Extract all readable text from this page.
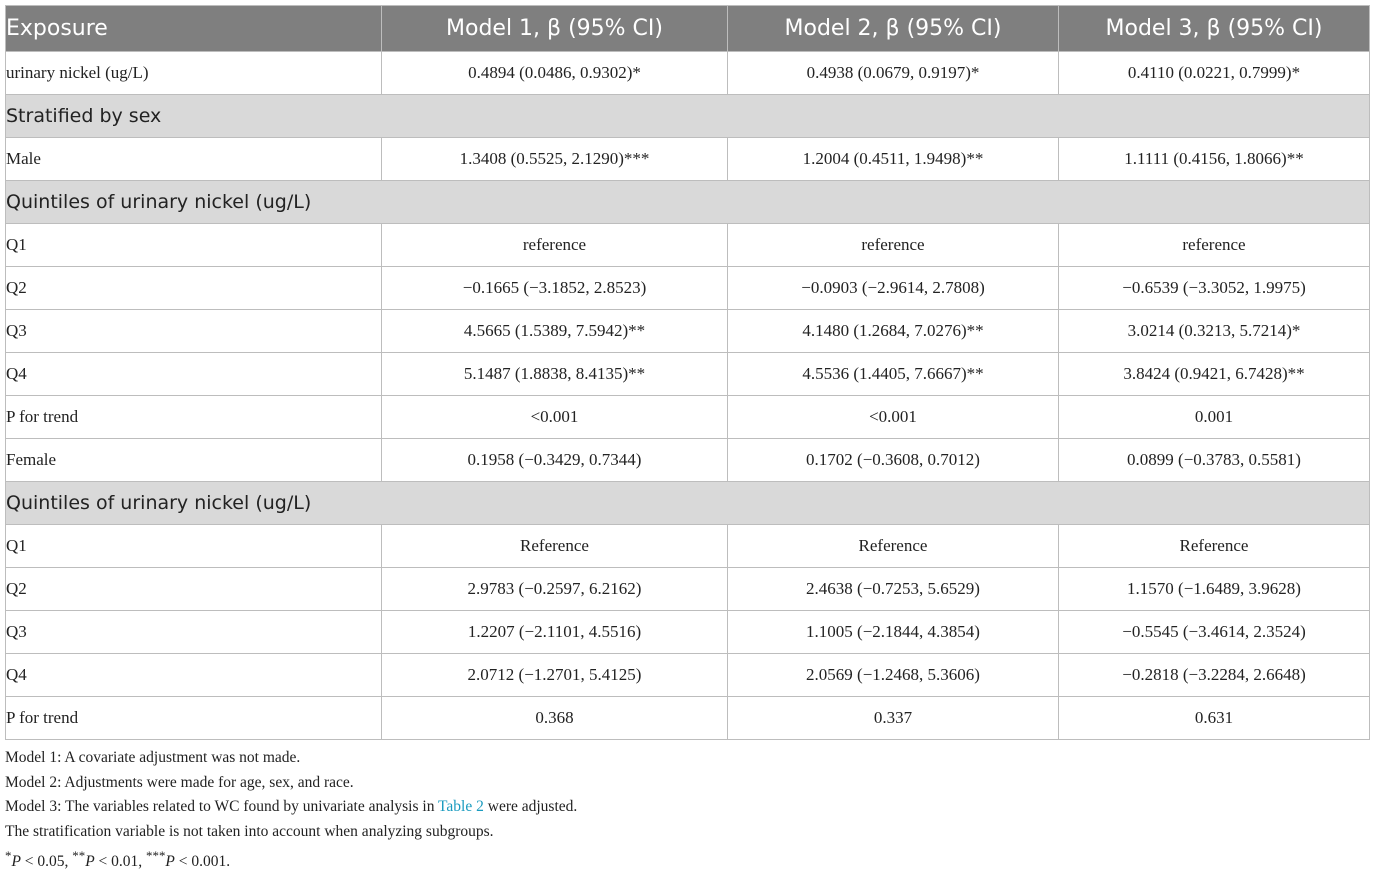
Exposure	Model 1, β (95% CI)	Model 2, β (95% CI)	Model 3, β (95% CI)
urinary nickel (ug/L)	0.4894 (0.0486, 0.9302)*	0.4938 (0.0679, 0.9197)*	0.4110 (0.0221, 0.7999)*
Stratified by sex			
Male	1.3408 (0.5525, 2.1290)***	1.2004 (0.4511, 1.9498)**	1.1111 (0.4156, 1.8066)**
Quintiles of urinary nickel (ug/L)			
Q1	reference	reference	reference
Q2	−0.1665 (−3.1852, 2.8523)	−0.0903 (−2.9614, 2.7808)	−0.6539 (−3.3052, 1.9975)
Q3	4.5665 (1.5389, 7.5942)**	4.1480 (1.2684, 7.0276)**	3.0214 (0.3213, 5.7214)*
Q4	5.1487 (1.8838, 8.4135)**	4.5536 (1.4405, 7.6667)**	3.8424 (0.9421, 6.7428)**
P for trend	<0.001	<0.001	0.001
Female	0.1958 (−0.3429, 0.7344)	0.1702 (−0.3608, 0.7012)	0.0899 (−0.3783, 0.5581)
Quintiles of urinary nickel (ug/L)			
Q1	Reference	Reference	Reference
Q2	2.9783 (−0.2597, 6.2162)	2.4638 (−0.7253, 5.6529)	1.1570 (−1.6489, 3.9628)
Q3	1.2207 (−2.1101, 4.5516)	1.1005 (−2.1844, 4.3854)	−0.5545 (−3.4614, 2.3524)
Q4	2.0712 (−1.2701, 5.4125)	2.0569 (−1.2468, 5.3606)	−0.2818 (−3.2284, 2.6648)
P for trend	0.368	0.337	0.631
Model 1: A covariate adjustment was not made.
Model 2: Adjustments were made for age, sex, and race.
Model 3: The variables related to WC found by univariate analysis in Table 2 were adjusted.
The stratification variable is not taken into account when analyzing subgroups.
*P < 0.05, **P < 0.01, ***P < 0.001.
